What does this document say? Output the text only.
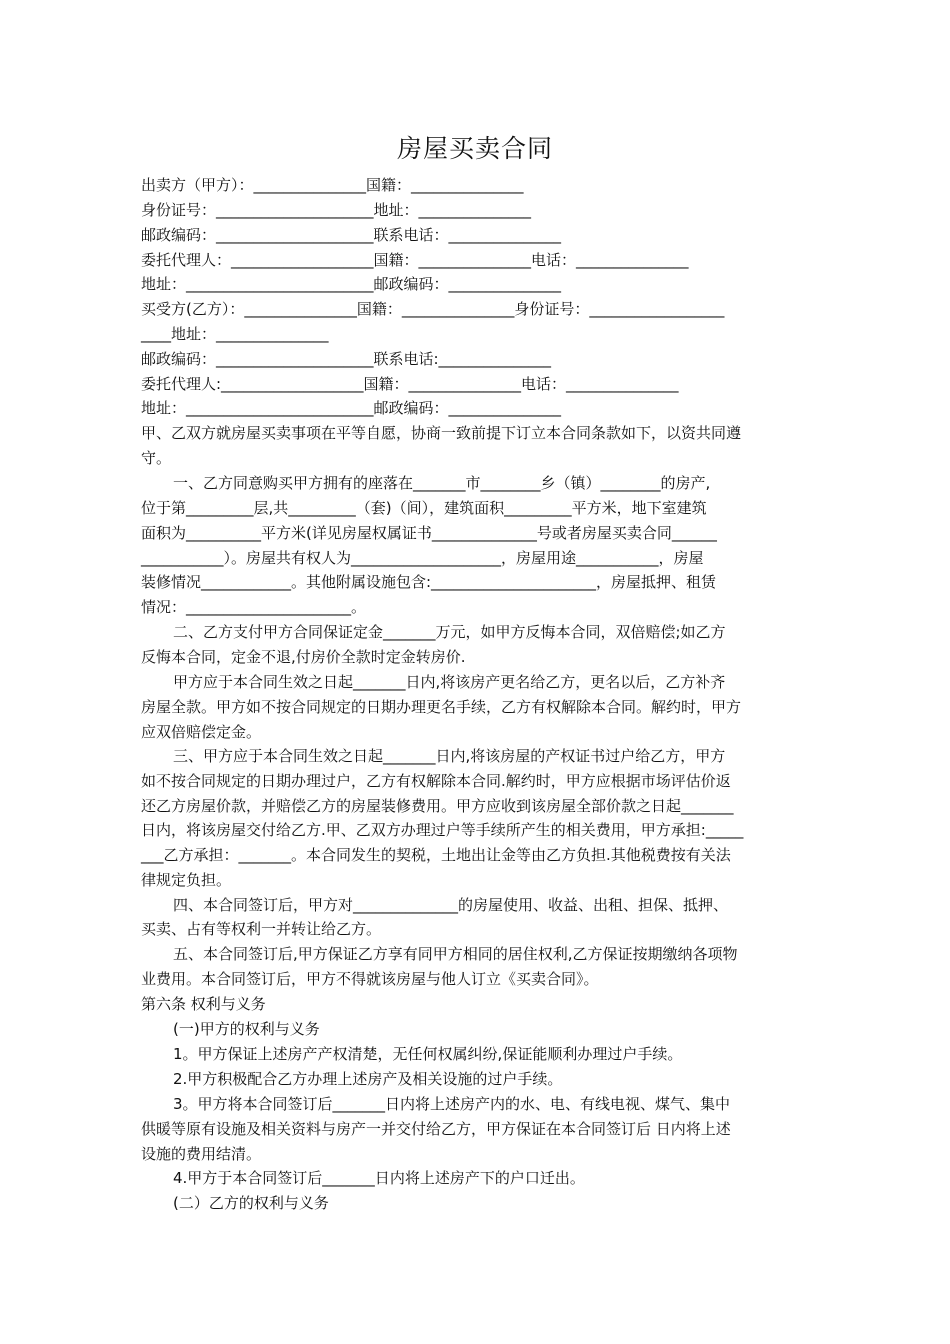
房屋买卖合同
出卖方（甲方）：_______________国籍：_______________
身份证号：_____________________地址：_______________
邮政编码：_____________________联系电话：_______________
委托代理人：___________________国籍：_______________电话：_______________
地址：_________________________邮政编码：_______________
买受方(乙方）：_______________国籍：_______________身份证号：__________________
____地址：_______________
邮政编码：_____________________联系电话:_______________
委托代理人:___________________国籍：_______________电话：_______________
地址：_________________________邮政编码：_______________
甲、乙双方就房屋买卖事项在平等自愿，协商一致前提下订立本合同条款如下，以资共同遵
守。
一、乙方同意购买甲方拥有的座落在_______市________乡（镇）________的房产,
位于第_________层,共_________（套)（间），建筑面积_________平方米，地下室建筑
面积为__________平方米(详见房屋权属证书______________号或者房屋买卖合同______
___________）。房屋共有权人为____________________，房屋用途___________，房屋
装修情况____________。其他附属设施包含:______________________，房屋抵押、租赁
情况：______________________。
二、乙方支付甲方合同保证定金_______万元，如甲方反悔本合同，双倍赔偿;如乙方
反悔本合同，定金不退,付房价全款时定金转房价.
甲方应于本合同生效之日起_______日内,将该房产更名给乙方，更名以后，乙方补齐
房屋全款。甲方如不按合同规定的日期办理更名手续，乙方有权解除本合同。解约时，甲方
应双倍赔偿定金。
三、甲方应于本合同生效之日起_______日内,将该房屋的产权证书过户给乙方，甲方
如不按合同规定的日期办理过户，乙方有权解除本合同.解约时，甲方应根据市场评估价返
还乙方房屋价款，并赔偿乙方的房屋装修费用。甲方应收到该房屋全部价款之日起_______
日内，将该房屋交付给乙方.甲、乙双方办理过户等手续所产生的相关费用，甲方承担:_____
___乙方承担：_______。本合同发生的契税，土地出让金等由乙方负担.其他税费按有关法
律规定负担。
四、本合同签订后，甲方对______________的房屋使用、收益、出租、担保、抵押、
买卖、占有等权利一并转让给乙方。
五、本合同签订后,甲方保证乙方享有同甲方相同的居住权利,乙方保证按期缴纳各项物
业费用。本合同签订后，甲方不得就该房屋与他人订立《买卖合同》。
第六条 权利与义务
(一)甲方的权利与义务
1。甲方保证上述房产产权清楚，无任何权属纠纷,保证能顺利办理过户手续。
2.甲方积极配合乙方办理上述房产及相关设施的过户手续。
3。甲方将本合同签订后_______日内将上述房产内的水、电、有线电视、煤气、集中
供暖等原有设施及相关资料与房产一并交付给乙方，甲方保证在本合同签订后 日内将上述
设施的费用结清。
4.甲方于本合同签订后_______日内将上述房产下的户口迁出。
(二）乙方的权利与义务
